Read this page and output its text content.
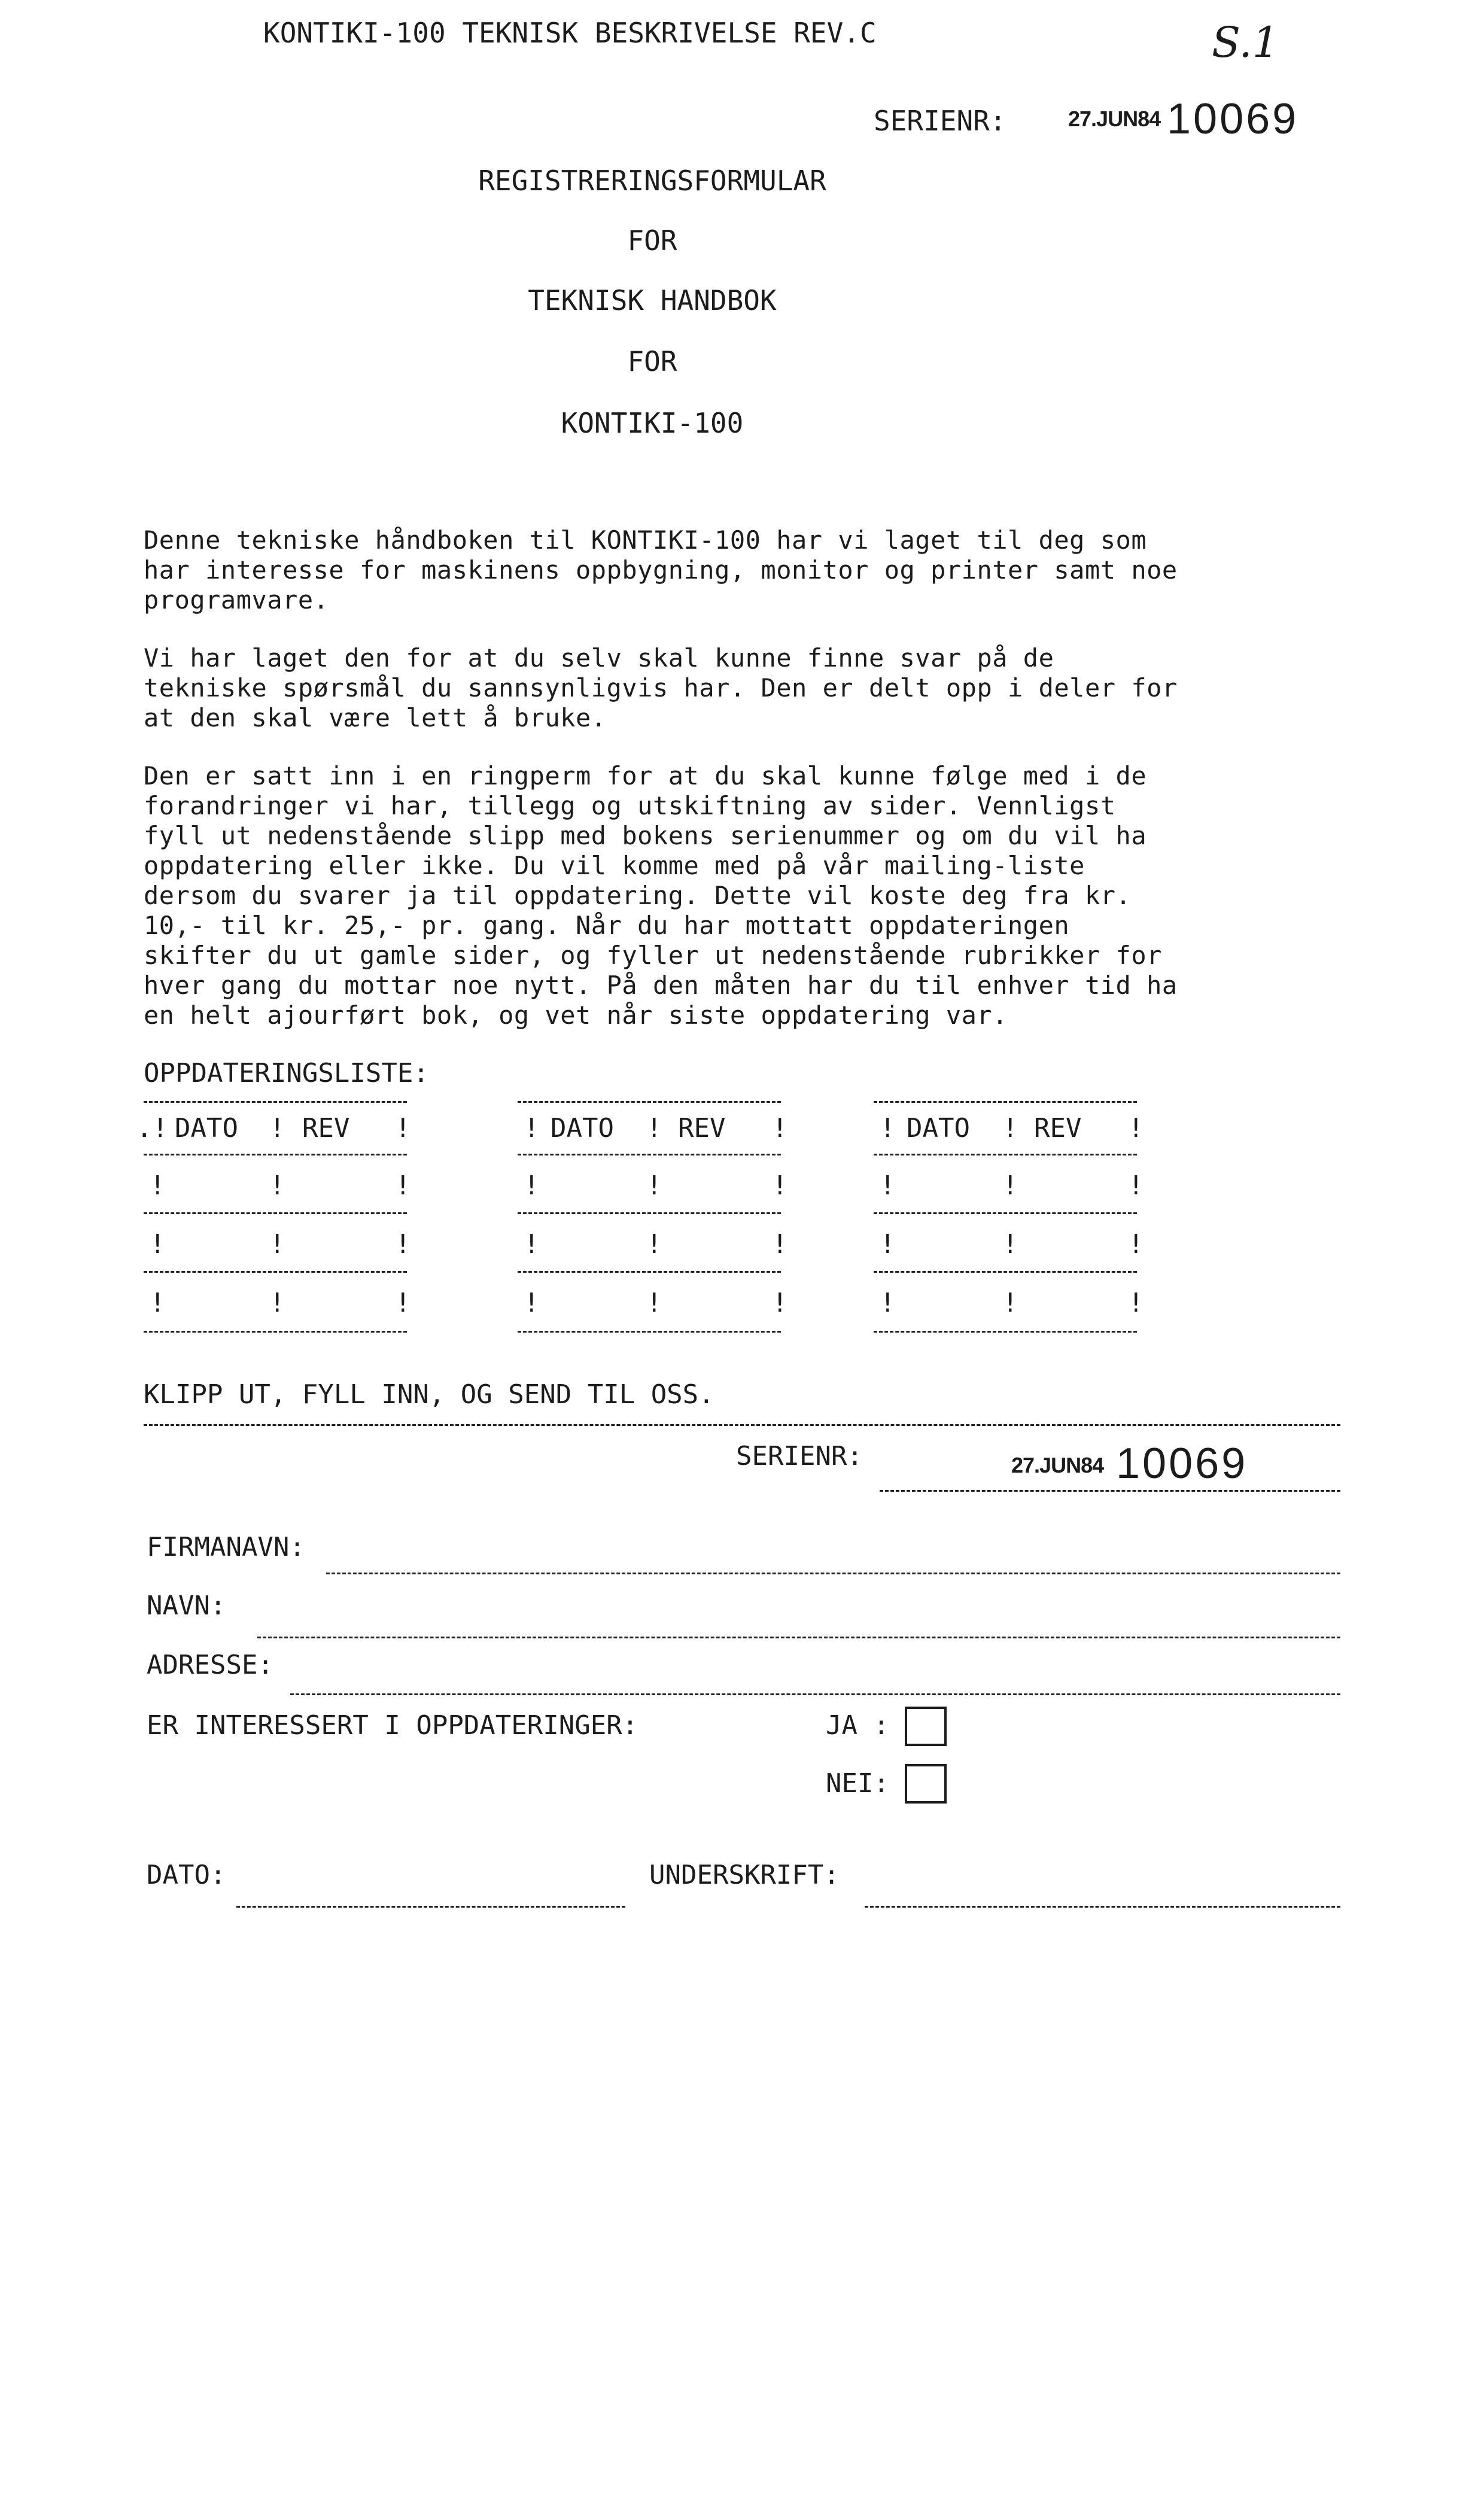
KONTIKI-100 TEKNISK BESKRIVELSE REV.C	S.1
SERIENR:	27.JUN84 10069
REGISTRERINGSFORMULAR
FOR
TEKNISK HANDBOK
FOR
KONTIKI-100

Denne tekniske håndboken til KONTIKI-100 har vi laget til deg som

har interesse for maskinens oppbygning, monitor og printer samt noe

programvare.

Vi har laget den for at du selv skal kunne finne svar på de

tekniske spørsmål du sannsynligvis har. Den er delt opp i deler for

at den skal være lett å bruke.

Den er satt inn i en ringperm for at du skal kunne følge med i de

forandringer vi har, tillegg og utskiftning av sider. Vennligst

fyll ut nedenstående slipp med bokens serienummer og om du vil ha

oppdatering eller ikke. Du vil komme med på vår mailing-liste

dersom du svarer ja til oppdatering. Dette vil koste deg fra kr.

10,- til kr. 25,- pr. gang. Når du har mottatt oppdateringen

skifter du ut gamle sider, og fyller ut nedenstående rubrikker for

hver gang du mottar noe nytt. På den måten har du til enhver tid ha

en helt ajourført bok, og vet når siste oppdatering var.

OPPDATERINGSLISTE:
.! DATO ! REV !
!	!	!
!	!	!
!	!	!
! DATO ! REV !
!	!	!
!	!	!
!	!	!
! DATO ! REV !
!	!	!
!	!	!
!	!	!
KLIPP UT, FYLL INN, OG SEND TIL OSS.
SERIENR:	27.JUN84 10069
FIRMANAVN:
NAVN:
ADRESSE:
ER INTERESSERT I OPPDATERINGER:	JA :
NEI:
DATO:	UNDERSKRIFT:
